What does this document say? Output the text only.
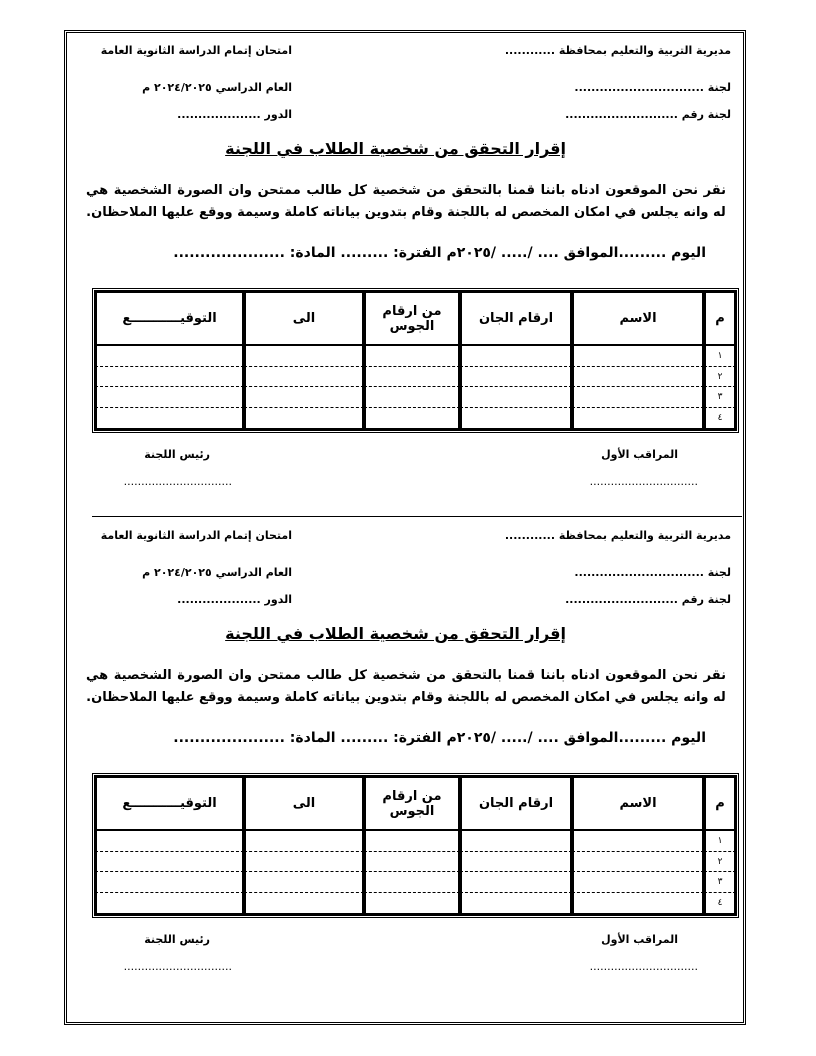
مديرية التربية والتعليم بمحافظة ............
لجنة ...............................
لجنة رقم ...........................
امتحان إتمام الدراسة الثانوية العامة
العام الدراسي ٢٠٢٤/٢٠٢٥ م
الدور ....................
إقرار التحقق من شخصية الطلاب في اللجنة
نقر نحن الموقعون ادناه باننا قمنا بالتحقق من شخصية كل طالب ممتحن وان الصورة الشخصية هي له وانه يجلس في امكان المخصص له باللجنة وقام بتدوين بياناته كاملة وسيمة ووقع عليها الملاحظان.
اليوم .........الموافق .... /..... /٢٠٢٥م الفترة: ......... المادة: .....................
م	الاسم	ارقام الجان	من ارقام الجوس	الى	التوقيـــــــــــع
١					
٢					
٣					
٤					
المراقب الأول
رئيس اللجنة
...............................
...............................
مديرية التربية والتعليم بمحافظة ............
لجنة ...............................
لجنة رقم ...........................
امتحان إتمام الدراسة الثانوية العامة
العام الدراسي ٢٠٢٤/٢٠٢٥ م
الدور ....................
إقرار التحقق من شخصية الطلاب في اللجنة
نقر نحن الموقعون ادناه باننا قمنا بالتحقق من شخصية كل طالب ممتحن وان الصورة الشخصية هي له وانه يجلس في امكان المخصص له باللجنة وقام بتدوين بياناته كاملة وسيمة ووقع عليها الملاحظان.
اليوم .........الموافق .... /..... /٢٠٢٥م الفترة: ......... المادة: .....................
م	الاسم	ارقام الجان	من ارقام الجوس	الى	التوقيـــــــــــع
١					
٢					
٣					
٤					
المراقب الأول
رئيس اللجنة
...............................
...............................
